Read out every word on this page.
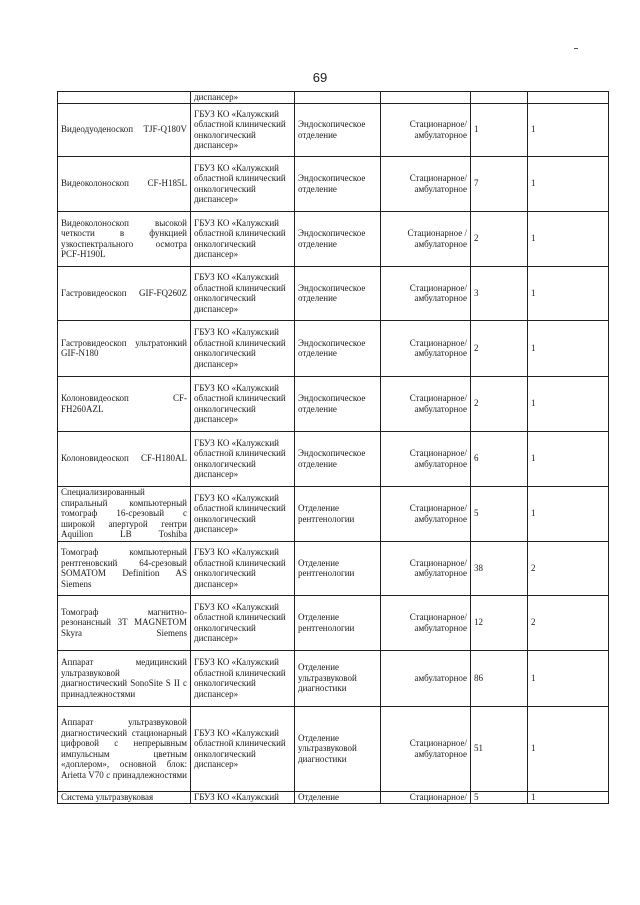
69
	диспансер»				
Видеодуоденоскоп TJF-Q180V	ГБУЗ КО «Калужский областной клинический онкологический диспансер»	Эндоскопическое отделение	Стационарное/ амбулаторное	1	1
Видеоколоноскоп CF-H185L	ГБУЗ КО «Калужский областной клинический онкологический диспансер»	Эндоскопическое отделение	Стационарное/ амбулаторное	7	1
Видеоколоноскоп высокой четкости в функцией узкоспектрального осмотра PCF-H190L	ГБУЗ КО «Калужский областной клинический онкологический диспансер»	Эндоскопическое отделение	Стационарное /амбулаторное	2	1
Гастровидеоскоп GIF-FQ260Z	ГБУЗ КО «Калужский областной клинический онкологический диспансер»	Эндоскопическое отделение	Стационарное/ амбулаторное	3	1
Гастровидеоскоп ультратонкий GIF-N180	ГБУЗ КО «Калужский областной клинический онкологический диспансер»	Эндоскопическое отделение	Стационарное/ амбулаторное	2	1
Колоновидеоскоп CF-FH260AZL	ГБУЗ КО «Калужский областной клинический онкологический диспансер»	Эндоскопическое отделение	Стационарное/ амбулаторное	2	1
Колоновидеоскоп CF-H180AL	ГБУЗ КО «Калужский областной клинический онкологический диспансер»	Эндоскопическое отделение	Стационарное/ амбулаторное	6	1
Специализированный спиральный компьютерный томограф 16-срезовый с широкой апертурой гентри Aquilion LB Toshiba	ГБУЗ КО «Калужский областной клинический онкологический диспансер»	Отделение рентгенологии	Стационарное/ амбулаторное	5	1
Томограф компьютерный рентгеновский 64-срезовый SOMATOM Definition AS Siemens	ГБУЗ КО «Калужский областной клинический онкологический диспансер»	Отделение рентгенологии	Стационарное/ амбулаторное	38	2
Томограф магнитно-резонансный 3T MAGNETOM Skyra Siemens	ГБУЗ КО «Калужский областной клинический онкологический диспансер»	Отделение рентгенологии	Стационарное/ амбулаторное	12	2
Аппарат медицинский ультразвуковой диагностический SonoSite S II с принадлежностями	ГБУЗ КО «Калужский областной клинический онкологический диспансер»	Отделение ультразвуковой диагностики	амбулаторное	86	1
Аппарат ультразвуковой диагностический стационарный цифровой с непрерывным импульсным цветным «доплером», основной блок: Arietta V70 с принадлежностями	ГБУЗ КО «Калужский областной клинический онкологический диспансер»	Отделение ультразвуковой диагностики	Стационарное/ амбулаторное	51	1
Система ультразвуковая	ГБУЗ КО «Калужский	Отделение	Стационарное/	5	1
